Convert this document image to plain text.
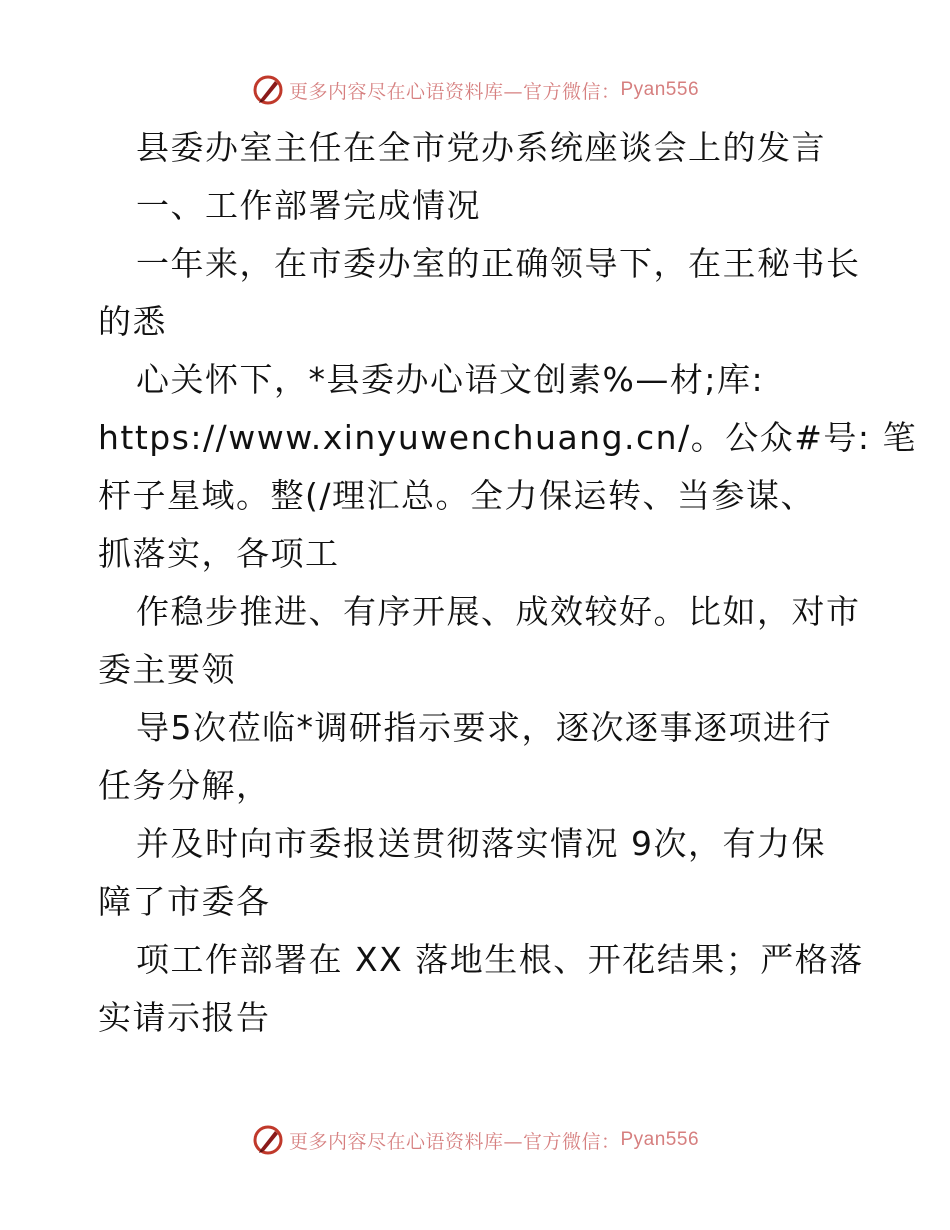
更多内容尽在心语资料库—官方微信： Pyan556
县委办室主任在全市党办系统座谈会上的发言
一、工作部署完成情况
一年来，在市委办室的正确领导下，在王秘书长
的悉
心关怀下，*县委办心语文创素%—材;库:
https://www.xinyuwenchuang.cn/。公众#号: 笔
杆子星域。整(/理汇总。全力保运转、当参谋、
抓落实，各项工
作稳步推进、有序开展、成效较好。比如，对市
委主要领
导5次莅临*调研指示要求，逐次逐事逐项进行
任务分解，
并及时向市委报送贯彻落实情况 9次，有力保
障了市委各
项工作部署在 XX 落地生根、开花结果；严格落
实请示报告
更多内容尽在心语资料库—官方微信： Pyan556
